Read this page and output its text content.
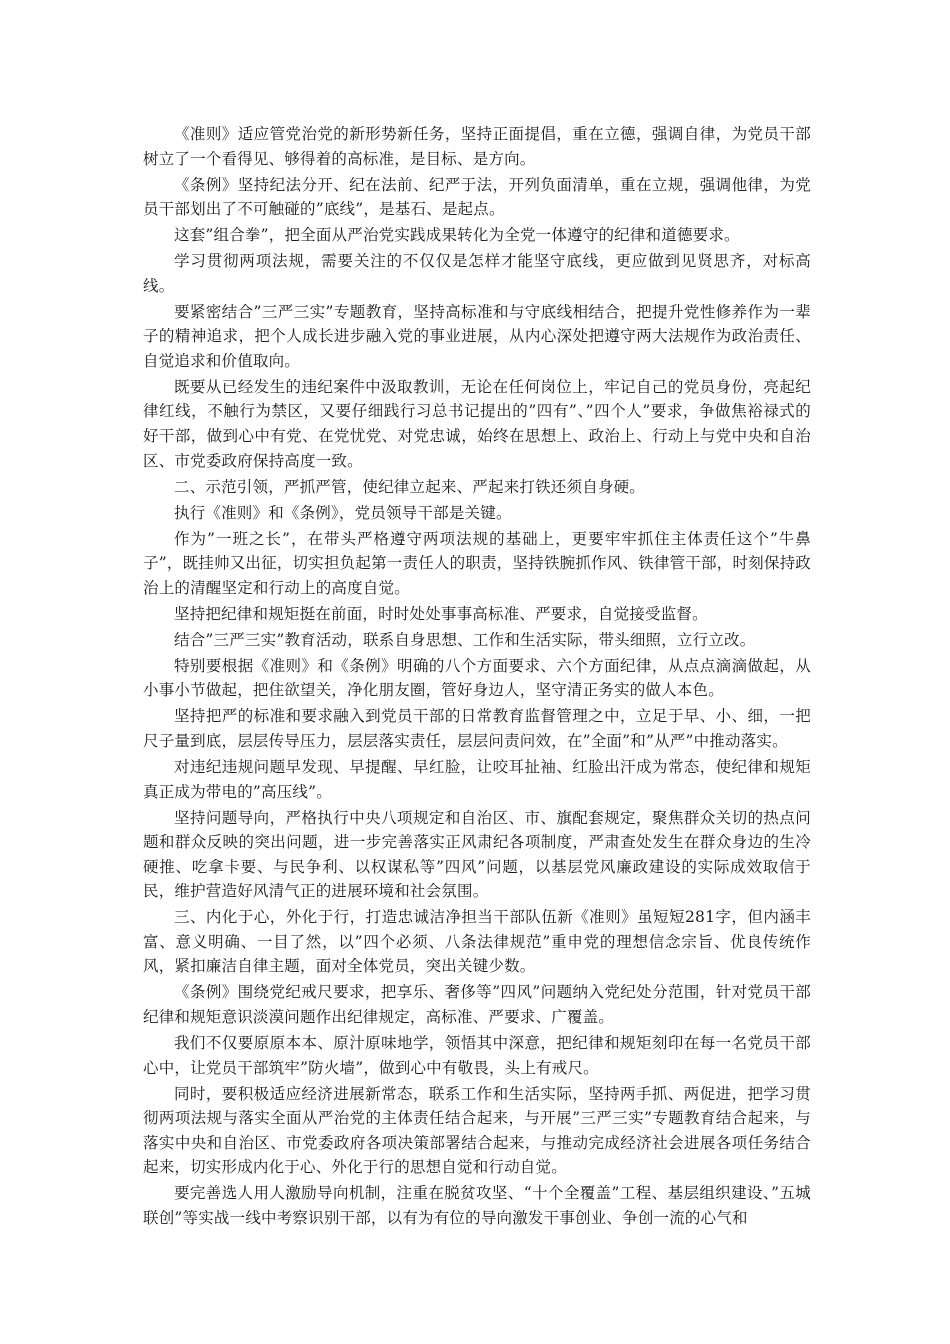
《准则》适应管党治党的新形势新任务，坚持正面提倡，重在立德，强调自律，为党员干部树立了一个看得见、够得着的高标准，是目标、是方向。

《条例》坚持纪法分开、纪在法前、纪严于法，开列负面清单，重在立规，强调他律，为党员干部划出了不可触碰的”底线”，是基石、是起点。

这套”组合拳”，把全面从严治党实践成果转化为全党一体遵守的纪律和道德要求。

学习贯彻两项法规，需要关注的不仅仅是怎样才能坚守底线，更应做到见贤思齐，对标高线。

要紧密结合”三严三实”专题教育，坚持高标准和与守底线相结合，把提升党性修养作为一辈子的精神追求，把个人成长进步融入党的事业进展，从内心深处把遵守两大法规作为政治责任、自觉追求和价值取向。

既要从已经发生的违纪案件中汲取教训，无论在任何岗位上，牢记自己的党员身份，亮起纪律红线，不触行为禁区，又要仔细践行习总书记提出的”四有”、”四个人”要求，争做焦裕禄式的好干部，做到心中有党、在党忧党、对党忠诚，始终在思想上、政治上、行动上与党中央和自治区、市党委政府保持高度一致。

二、示范引领，严抓严管，使纪律立起来、严起来打铁还须自身硬。

执行《准则》和《条例》，党员领导干部是关键。

作为”一班之长”，在带头严格遵守两项法规的基础上，更要牢牢抓住主体责任这个”牛鼻子”，既挂帅又出征，切实担负起第一责任人的职责，坚持铁腕抓作风、铁律管干部，时刻保持政治上的清醒坚定和行动上的高度自觉。

坚持把纪律和规矩挺在前面，时时处处事事高标准、严要求，自觉接受监督。

结合”三严三实”教育活动，联系自身思想、工作和生活实际，带头细照，立行立改。

特别要根据《准则》和《条例》明确的八个方面要求、六个方面纪律，从点点滴滴做起，从小事小节做起，把住欲望关，净化朋友圈，管好身边人，坚守清正务实的做人本色。

坚持把严的标准和要求融入到党员干部的日常教育监督管理之中，立足于早、小、细，一把尺子量到底，层层传导压力，层层落实责任，层层问责问效，在”全面”和”从严”中推动落实。

对违纪违规问题早发现、早提醒、早红脸，让咬耳扯袖、红脸出汗成为常态，使纪律和规矩真正成为带电的”高压线”。

坚持问题导向，严格执行中央八项规定和自治区、市、旗配套规定，聚焦群众关切的热点问题和群众反映的突出问题，进一步完善落实正风肃纪各项制度，严肃查处发生在群众身边的生冷硬推、吃拿卡要、与民争利、以权谋私等”四风”问题，以基层党风廉政建设的实际成效取信于民，维护营造好风清气正的进展环境和社会氛围。

三、内化于心，外化于行，打造忠诚洁净担当干部队伍新《准则》虽短短281字，但内涵丰富、意义明确、一目了然，以”四个必须、八条法律规范”重申党的理想信念宗旨、优良传统作风，紧扣廉洁自律主题，面对全体党员，突出关键少数。

《条例》围绕党纪戒尺要求，把享乐、奢侈等”四风”问题纳入党纪处分范围，针对党员干部纪律和规矩意识淡漠问题作出纪律规定，高标准、严要求、广覆盖。

我们不仅要原原本本、原汁原味地学，领悟其中深意，把纪律和规矩刻印在每一名党员干部心中，让党员干部筑牢”防火墙”，做到心中有敬畏，头上有戒尺。

同时，要积极适应经济进展新常态，联系工作和生活实际，坚持两手抓、两促进，把学习贯彻两项法规与落实全面从严治党的主体责任结合起来，与开展”三严三实”专题教育结合起来，与落实中央和自治区、市党委政府各项决策部署结合起来，与推动完成经济社会进展各项任务结合起来，切实形成内化于心、外化于行的思想自觉和行动自觉。

要完善选人用人激励导向机制，注重在脱贫攻坚、“十个全覆盖”工程、基层组织建设、”五城联创”等实战一线中考察识别干部，以有为有位的导向激发干事创业、争创一流的心气和
